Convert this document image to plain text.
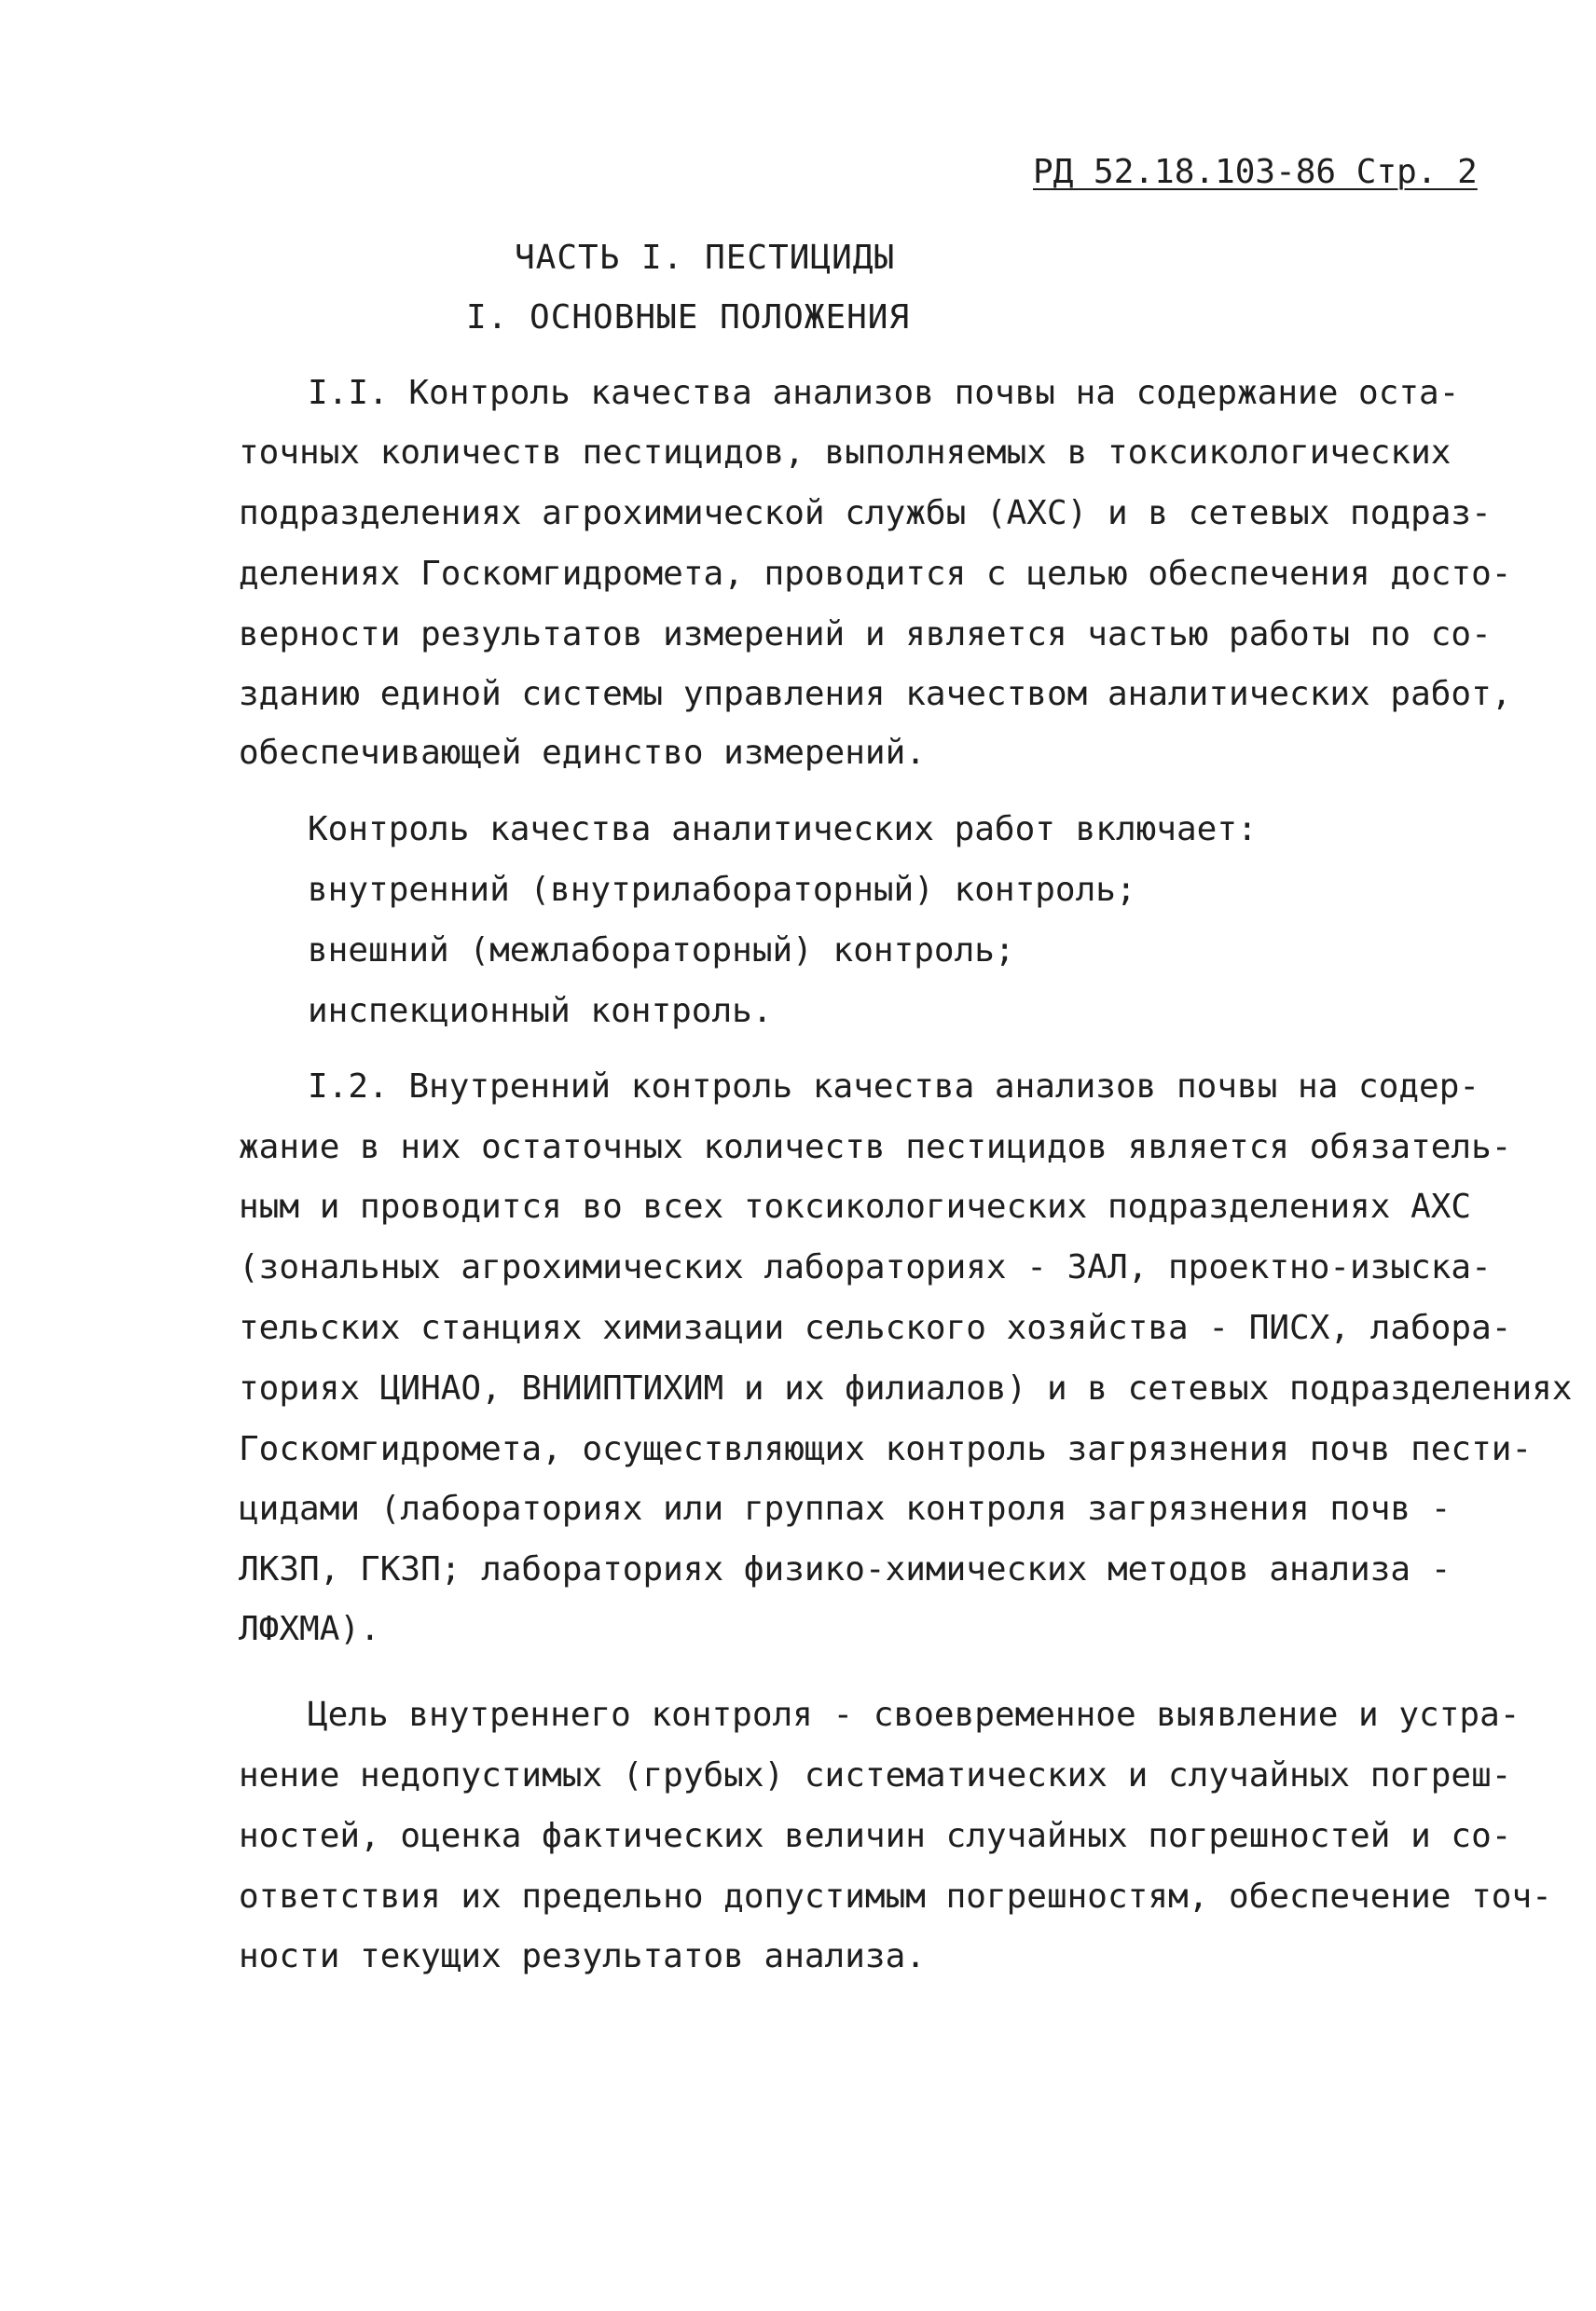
РД 52.18.103-86 Стр. 2
ЧАСТЬ I. ПЕСТИЦИДЫ
I. ОСНОВНЫЕ ПОЛОЖЕНИЯ
I.I. Контроль качества анализов почвы на содержание оста-
точных количеств пестицидов, выполняемых в токсикологических
подразделениях агрохимической службы (АХС) и в сетевых подраз-
делениях Госкомгидромета, проводится с целью обеспечения досто-
верности результатов измерений и является частью работы по со-
зданию единой системы управления качеством аналитических работ,
обеспечивающей единство измерений.
Контроль качества аналитических работ включает:
внутренний (внутрилабораторный) контроль;
внешний (межлабораторный) контроль;
инспекционный контроль.
I.2. Внутренний контроль качества анализов почвы на содер-
жание в них остаточных количеств пестицидов является обязатель-
ным и проводится во всех токсикологических подразделениях АХС
(зональных агрохимических лабораториях - ЗАЛ, проектно-изыска-
тельских станциях химизации сельского хозяйства - ПИСХ, лабора-
ториях ЦИНАО, ВНИИПТИХИМ и их филиалов) и в сетевых подразделениях
Госкомгидромета, осуществляющих контроль загрязнения почв пести-
цидами (лабораториях или группах контроля загрязнения почв -
ЛКЗП, ГКЗП; лабораториях физико-химических методов анализа -
ЛФХМА).
Цель внутреннего контроля - своевременное выявление и устра-
нение недопустимых (грубых) систематических и случайных погреш-
ностей, оценка фактических величин случайных погрешностей и со-
ответствия их предельно допустимым погрешностям, обеспечение точ-
ности текущих результатов анализа.
